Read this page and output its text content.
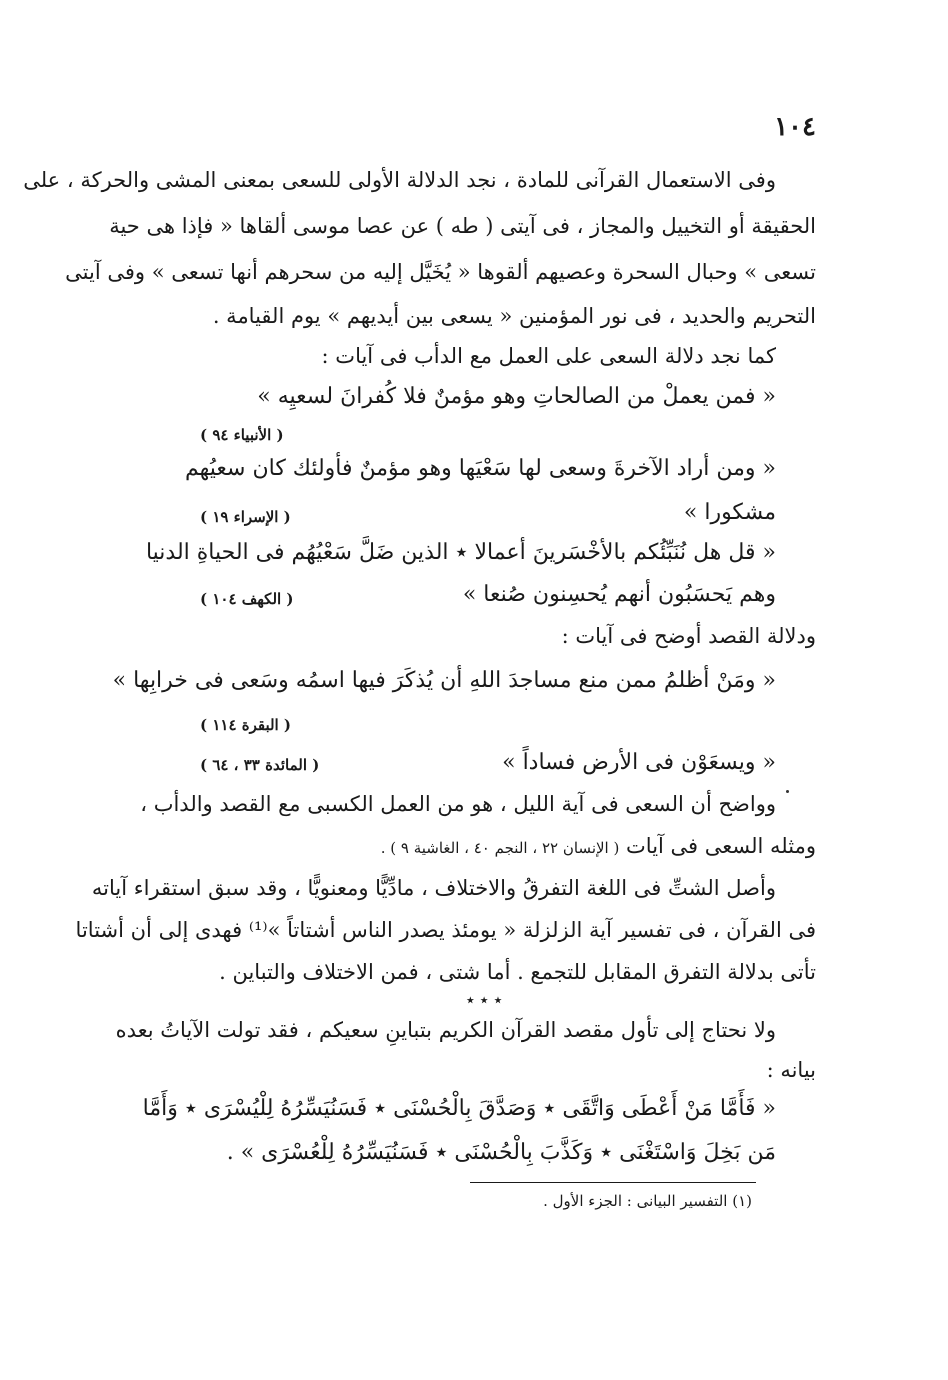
١٠٤
وفى الاستعمال القرآنى للمادة ، نجد الدلالة الأولى للسعى بمعنى المشى والحركة ، على
الحقيقة أو التخييل والمجاز ، فى آيتى ( طه ) عن عصا موسى ألقاها « فإذا هى حية
تسعى » وحبال السحرة وعصيهم ألقوها « يُخَيَّل إليه من سحرهم أنها تسعى » وفى آيتى
التحريم والحديد ، فى نور المؤمنين « يسعى بين أيديهم » يوم القيامة .
كما نجد دلالة السعى على العمل مع الدأب فى آيات :
« فمن يعملْ من الصالحاتِ وهو مؤمنٌ فلا كُفرانَ لسعيِه »
( الأنبياء ٩٤ )
« ومن أراد الآخرةَ وسعى لها سَعْيَها وهو مؤمنٌ فأولئك كان سعيُهم
مشكورا »
( الإسراء ١٩ )
« قل هل نُنَبِّئُكم بالأخْسَرينَ أعمالا ٭ الذين ضَلَّ سَعْيُهُم فى الحياةِ الدنيا
وهم يَحسَبُون أنهم يُحسِنون صُنعا »
( الكهف ١٠٤ )
ودلالة القصد أوضح فى آيات :
« ومَنْ أظلمُ ممن منع مساجدَ اللهِ أن يُذكَرَ فيها اسمُه وسَعى فى خرابِها »
( البقرة ١١٤ )
« ويسعَوْن فى الأرض فساداً »
( المائدة ٣٣ ، ٦٤ )
وواضح أن السعى فى آية الليل ، هو من العمل الكسبى مع القصد والدأب ،
ومثله السعى فى آيات ( الإنسان ٢٢ ، النجم ٤٠ ، الغاشية ٩ ) .
وأصل الشتِّ فى اللغة التفرقُ والاختلاف ، مادِّيًّا ومعنويًّا ، وقد سبق استقراء آياته
فى القرآن ، فى تفسير آية الزلزلة « يومئذ يصدر الناس أشتاتاً »⁽¹⁾ فهدى إلى أن أشتاتا
تأتى بدلالة التفرق المقابل للتجمع . أما شتى ، فمن الاختلاف والتباين .
٭ ٭ ٭
ولا نحتاج إلى تأول مقصد القرآن الكريم بتباينِ سعيكم ، فقد تولت الآياتُ بعده
بيانه :
« فَأَمَّا مَنْ أَعْطَى وَاتَّقَى ٭ وَصَدَّقَ بِالْحُسْنَى ٭ فَسَنُيَسِّرُهُ لِلْيُسْرَى ٭ وَأَمَّا
مَن بَخِلَ وَاسْتَغْنَى ٭ وَكَذَّبَ بِالْحُسْنَى ٭ فَسَنُيَسِّرُهُ لِلْعُسْرَى » .
(١) التفسير البيانى : الجزء الأول .
